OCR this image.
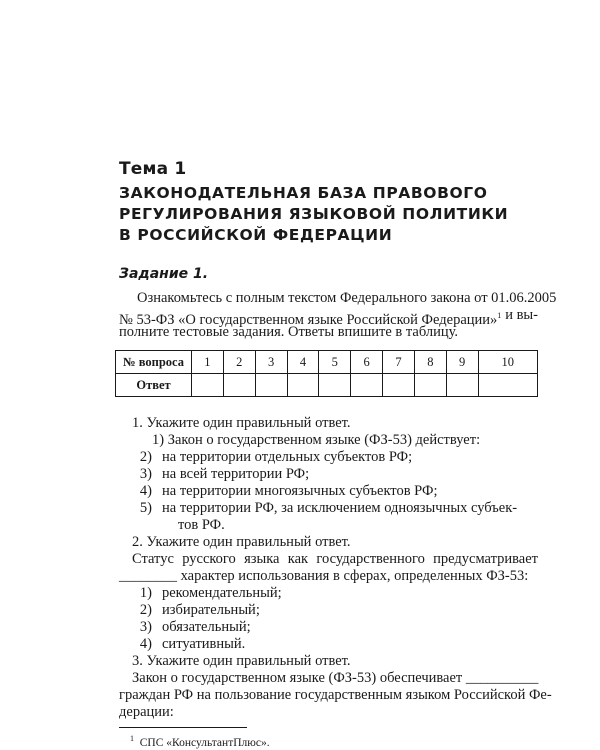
Тема 1
ЗАКОНОДАТЕЛЬНАЯ БАЗА ПРАВОВОГО
РЕГУЛИРОВАНИЯ ЯЗЫКОВОЙ ПОЛИТИКИ
В РОССИЙСКОЙ ФЕДЕРАЦИИ
Задание 1.
Ознакомьтесь с полным текстом Федерального закона от 01.06.2005
№ 53-ФЗ «О государственном языке Российской Федерации»$^1$ и вы-
полните тестовые задания. Ответы впишите в таблицу.
№ вопроса	1	2	3	4	5	6	7	8	9	10
Ответ										
1. Укажите один правильный ответ.
1) Закон о государственном языке (ФЗ-53) действует:
2) на территории отдельных субъектов РФ;
3) на всей территории РФ;
4) на территории многоязычных субъектов РФ;
5) на территории РФ, за исключением одноязычных субъек-
тов РФ.
2. Укажите один правильный ответ.
Статус русского языка как государственного предусматривает
________ характер использования в сферах, определенных ФЗ-53:
1) рекомендательный;
2) избирательный;
3) обязательный;
4) ситуативный.
3. Укажите один правильный ответ.
Закон о государственном языке (ФЗ-53) обеспечивает __________
граждан РФ на пользование государственным языком Российской Фе-
дерации:
$^1$ СПС «КонсультантПлюс».
